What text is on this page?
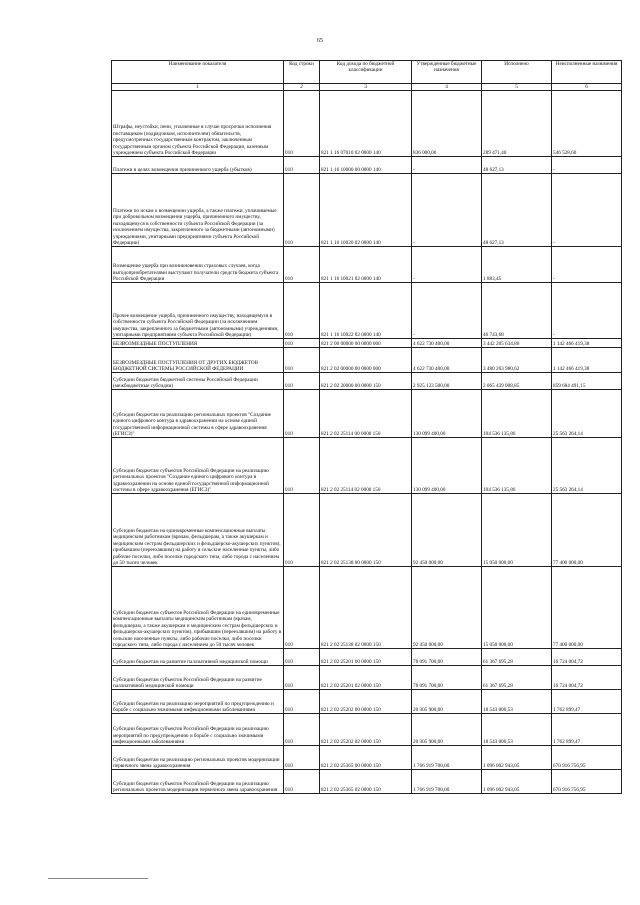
65
Наименование показателя	Код строки	Код дохода по бюджетной классификации	Утвержденные бюджетные назначения	Исполнено	Неисполненные назначения
1	2	3	4	5	6
Штрафы, неустойки, пени, уплаченные в случае просрочки исполнения поставщиком (подрядчиком, исполнителем) обязательств, предусмотренных государственным контрактом, заключенным государственным органом субъекта Российской Федерации, казенным учреждением субъекта Российской Федерации	010	821 1 16 07010 02 0000 140	836 000,00	289 471,40	546 528,60
Платежи в целях возмещения причиненного ущерба (убытков)	010	821 1 16 10000 00 0000 140	-	48 627,13	-
Платежи по искам о возмещении ущерба, а также платежи, уплачиваемые при добровольном возмещении ущерба, причиненного имуществу, находящемуся в собственности субъекта Российской Федерации (за исключением имущества, закрепленного за бюджетными (автономными) учреждениями, унитарными предприятиями субъекта Российской Федерации)	010	821 1 16 10020 02 0000 140	-	48 627,13	-
Возмещение ущерба при возникновении страховых случаев, когда выгодоприобретателями выступают получатели средств бюджета субъекта Российской Федерации	010	821 1 16 10021 02 0000 140	-	1 883,45	-
Прочее возмещение ущерба, причиненного имуществу, находящемуся в собственности субъекта Российской Федерации (за исключением имущества, закрепленного за бюджетными (автономными) учреждениями, унитарными предприятиями субъекта Российской Федерации)	010	821 1 16 10022 02 0000 140	-	46 743,68	-
БЕЗВОЗМЕЗДНЫЕ ПОСТУПЛЕНИЯ	010	821 2 00 00000 00 0000 000	4 622 730 400,00	3 442 205 634,86	1 142 466 419,38
БЕЗВОЗМЕЗДНЫЕ ПОСТУПЛЕНИЯ ОТ ДРУГИХ БЮДЖЕТОВ БЮДЖЕТНОЙ СИСТЕМЫ РОССИЙСКОЙ ФЕДЕРАЦИИ	010	821 2 02 00000 00 0000 000	4 622 730 400,00	3 480 263 980,62	1 142 466 419,38
Субсидии бюджетам бюджетной системы Российской Федерации (межбюджетные субсидии)	010	821 2 02 20000 00 0000 150	2 925 123 500,00	2 065 439 008,85	859 684 491,15
Субсидии бюджетам на реализацию региональных проектов "Создание единого цифрового контура в здравоохранении на основе единой государственной информационной системы в сфере здравоохранения (ЕГИСЗ)"	010	821 2 02 25114 00 0000 150	130 099 400,00	104 536 135,86	25 563 264,14
Субсидии бюджетам субъектов Российской Федерации на реализацию региональных проектов "Создание единого цифрового контура в здравоохранении на основе единой государственной информационной системы в сфере здравоохранения (ЕГИСЗ)"	010	821 2 02 25114 02 0000 150	130 099 400,00	104 536 135,86	25 563 264,14
Субсидии бюджетам на единовременные компенсационные выплаты медицинским работникам (врачам, фельдшерам, а также акушеркам и медицинским сестрам фельдшерских и фельдшерско-акушерских пунктов), прибывшим (переехавшим) на работу в сельские населенные пункты, либо рабочие поселки, либо поселки городского типа, либо города с населением до 50 тысяч человек	010	821 2 02 25138 00 0000 150	92 450 000,00	15 050 000,00	77 400 000,00
Субсидии бюджетам субъектов Российской Федерации на единовременные компенсационные выплаты медицинским работникам (врачам, фельдшерам, а также акушеркам и медицинским сестрам фельдшерских и фельдшерско-акушерских пунктов), прибывшим (переехавшим) на работу в сельские населенные пункты, либо рабочие поселки, либо поселки городского типа, либо города с населением до 50 тысяч человек	010	821 2 02 25138 02 0000 150	92 450 000,00	15 050 000,00	77 400 000,00
Субсидии бюджетам на развитие паллиативной медицинской помощи	010	821 2 02 25201 00 0000 150	78 091 700,00	61 367 695,28	16 724 004,72
Субсидии бюджетам субъектов Российской Федерации на развитие паллиативной медицинской помощи	010	821 2 02 25201 02 0000 150	78 091 700,00	61 367 695,28	16 724 004,72
Субсидии бюджетам на реализацию мероприятий по предупреждению и борьбе с социально значимыми инфекционными заболеваниями	010	821 2 02 25202 00 0000 150	20 305 900,00	18 543 000,53	1 762 899,47
Субсидии бюджетам субъектов Российской Федерации на реализацию мероприятий по предупреждению и борьбе с социально значимыми инфекционными заболеваниями	010	821 2 02 25202 02 0000 150	20 305 900,00	18 543 000,53	1 762 899,47
Субсидии бюджетам на реализацию региональных проектов модернизации первичного звена здравоохранения	010	821 2 02 25365 00 0000 150	1 766 919 700,00	1 096 002 943,05	670 916 756,95
Субсидии бюджетам субъектов Российской Федерации на реализацию региональных проектов модернизации первичного звена здравоохранения	010	821 2 02 25365 02 0000 150	1 766 919 700,00	1 096 002 943,05	670 916 756,95
